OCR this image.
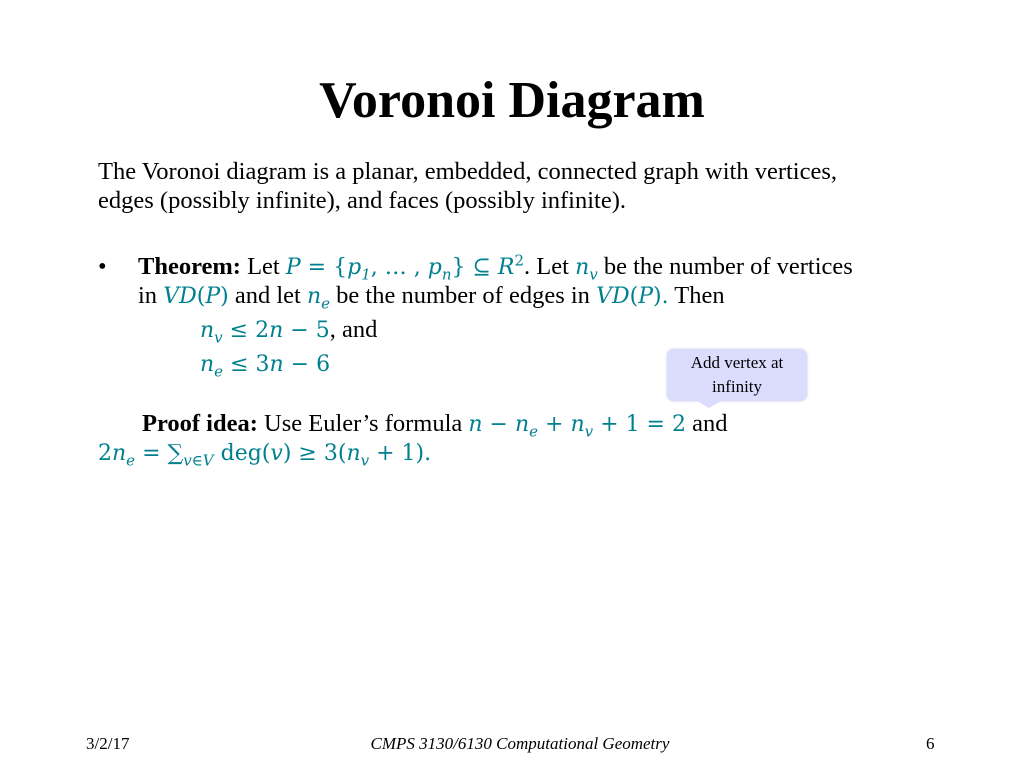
Voronoi Diagram
The Voronoi diagram is a planar, embedded, connected graph with vertices,
edges (possibly infinite), and faces (possibly infinite).
• Theorem: Let $P = \{p_1$, … , $p_n$} ⊆ $R^2$. Let $n_v$ be the number of vertices
in VD(P) and let $n_e$ be the number of edges in VD(P). Then
$n_v \le 2n - 5$, and
$n_e \le 3n - 6$	Add vertex at
infinity
Proof idea: Use Euler’s formula $n - n_e + n_v + 1 = 2$ and
$2n_e = \sum_{v\in V}$ $deg(v) \ge 3(n_v + 1)$.
3/2/17	CMPS 3130/6130 Computational Geometry	6
